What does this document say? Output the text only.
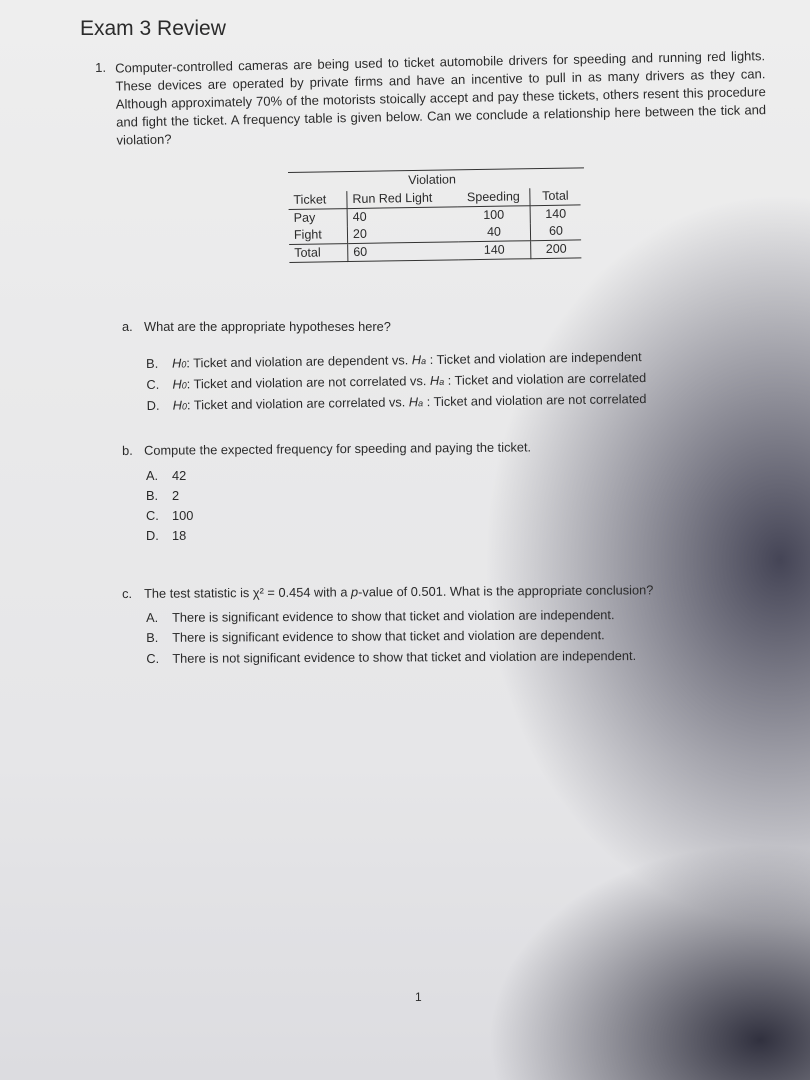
Exam 3 Review
1. Computer-controlled cameras are being used to ticket automobile drivers for speeding and running red lights. These devices are operated by private firms and have an incentive to pull in as many drivers as they can. Although approximately 70% of the motorists stoically accept and pay these tickets, others resent this procedure and fight the ticket. A frequency table is given below. Can we conclude a relationship here between the tick and violation?
Violation
Ticket	Run Red Light	Speeding	Total
Pay	40	100	140
Fight	20	40	60
Total	60	140	200
a. What are the appropriate hypotheses here?
B. H0: Ticket and violation are dependent vs. Ha : Ticket and violation are independent
C. H0: Ticket and violation are not correlated vs. Ha : Ticket and violation are correlated
D. H0: Ticket and violation are correlated vs. Ha : Ticket and violation are not correlated
b. Compute the expected frequency for speeding and paying the ticket.
A. 42
B. 2
C. 100
D. 18
c. The test statistic is χ² = 0.454 with a p-value of 0.501. What is the appropriate conclusion?
A. There is significant evidence to show that ticket and violation are independent.
B. There is significant evidence to show that ticket and violation are dependent.
C. There is not significant evidence to show that ticket and violation are independent.
1
